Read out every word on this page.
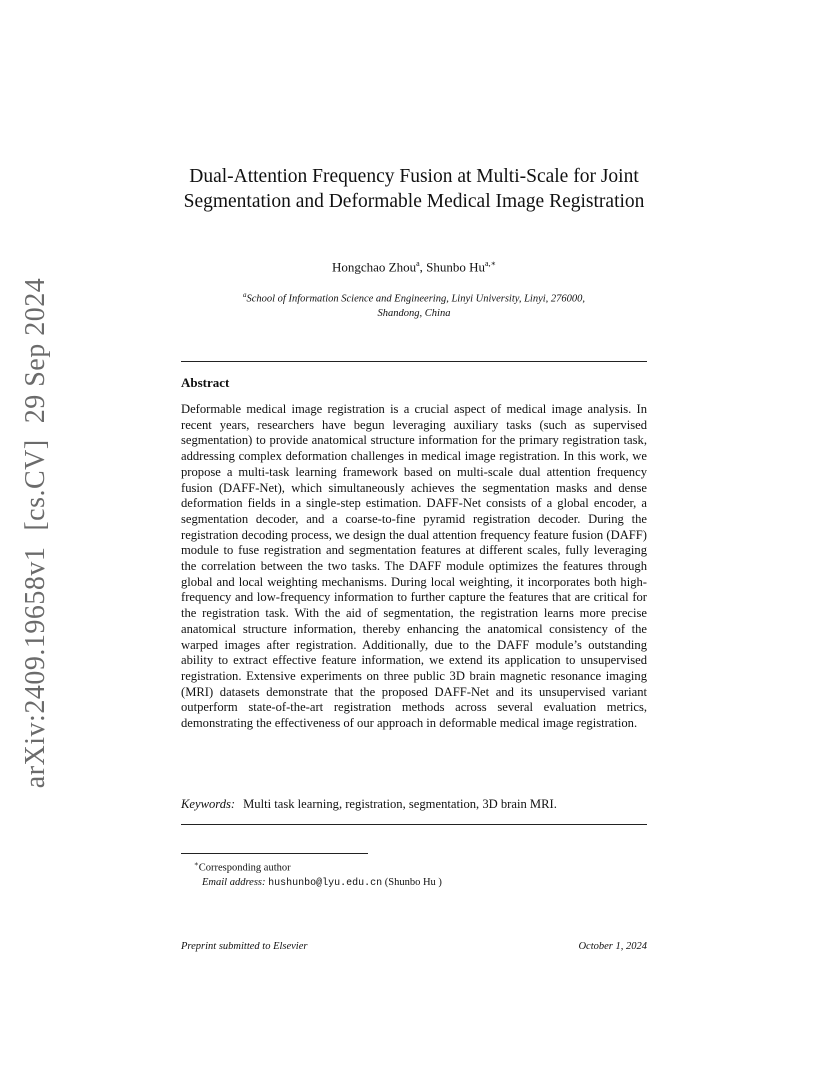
arXiv:2409.19658v1[cs.CV]29 Sep 2024
Dual-Attention Frequency Fusion at Multi-Scale for Joint Segmentation and Deformable Medical Image Registration
Hongchao Zhou$^a$, Shunbo $Hu^{a,∗}$
$^a$School of Information Science and Engineering, Linyi University, Linyi, 276000, Shandong, China
Abstract
Deformable medical image registration is a crucial aspect of medical image analysis. In recent years, researchers have begun leveraging auxiliary tasks (such as supervised segmentation) to provide anatomical structure information for the primary registration task, addressing complex deformation challenges in medical image registration. In this work, we propose a multi-task learning framework based on multi-scale dual attention frequency fusion (DAFF-Net), which simultaneously achieves the segmentation masks and dense deformation fields in a single-step estimation. DAFF-Net consists of a global encoder, a segmentation decoder, and a coarse-to-fine pyramid registration decoder. During the registration decoding process, we design the dual attention frequency feature fusion (DAFF) module to fuse registration and segmentation features at different scales, fully leveraging the correlation between the two tasks. The DAFF module optimizes the features through global and local weighting mechanisms. During local weighting, it incorporates both high-frequency and low-frequency information to further capture the features that are critical for the registration task. With the aid of segmentation, the registration learns more precise anatomical structure information, thereby enhancing the anatomical consistency of the warped images after registration. Additionally, due to the DAFF module’s outstanding ability to extract effective feature information, we extend its application to unsupervised registration. Extensive experiments on three public 3D brain magnetic resonance imaging (MRI) datasets demonstrate that the proposed DAFF-Net and its unsupervised variant outperform state-of-the-art registration methods across several evaluation metrics, demonstrating the effectiveness of our approach in deformable medical image registration.
Keywords: Multi task learning, registration, segmentation, 3D brain MRI.
∗Corresponding author
Email address: hushunbo@lyu.edu.cn (Shunbo Hu )
Preprint submitted to Elsevier	October 1, 2024
